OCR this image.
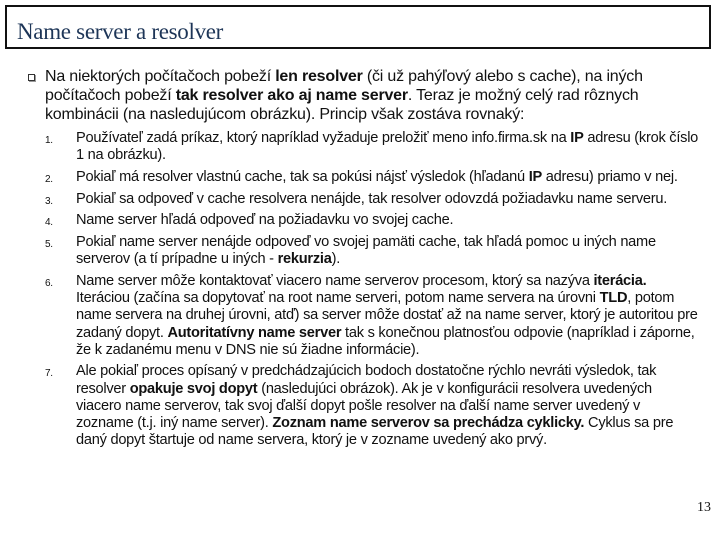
Name server a resolver
Na niektorých počítačoch pobeží len resolver (či už pahýľový alebo s cache), na iných počítačoch pobeží tak resolver ako aj name server. Teraz je možný celý rad rôznych kombinácii (na nasledujúcom obrázku). Princip však zostáva rovnaký:
1. Používateľ zadá príkaz, ktorý napríklad vyžaduje preložiť meno info.firma.sk na IP adresu (krok číslo 1 na obrázku).
2. Pokiaľ má resolver vlastnú cache, tak sa pokúsi nájsť výsledok (hľadanú IP adresu) priamo v nej.
3. Pokiaľ sa odpoveď v cache resolvera nenájde, tak resolver odovzdá požiadavku name serveru.
4. Name server hľadá odpoveď na požiadavku vo svojej cache.
5. Pokiaľ name server nenájde odpoveď vo svojej pamäti cache, tak hľadá pomoc u iných name serverov (a tí prípadne u iných - rekurzia).
6. Name server môže kontaktovať viacero name serverov procesom, ktorý sa nazýva iterácia. Iteráciou (začína sa dopytovať na root name serveri, potom name servera na úrovni TLD, potom name servera na druhej úrovni, atď) sa server môže dostať až na name server, ktorý je autoritou pre zadaný dopyt. Autoritatívny name server tak s konečnou platnosťou odpovie (napríklad i záporne, že k zadanému menu v DNS nie sú žiadne informácie).
7. Ale pokiaľ proces opísaný v predchádzajúcich bodoch dostatočne rýchlo nevráti výsledok, tak resolver opakuje svoj dopyt (nasledujúci obrázok). Ak je v konfigurácii resolvera uvedených viacero name serverov, tak svoj ďalší dopyt pošle resolver na ďalší name server uvedený v zozname (t.j. iný name server). Zoznam name serverov sa prechádza cyklicky. Cyklus sa pre daný dopyt štartuje od name servera, ktorý je v zozname uvedený ako prvý.
13
